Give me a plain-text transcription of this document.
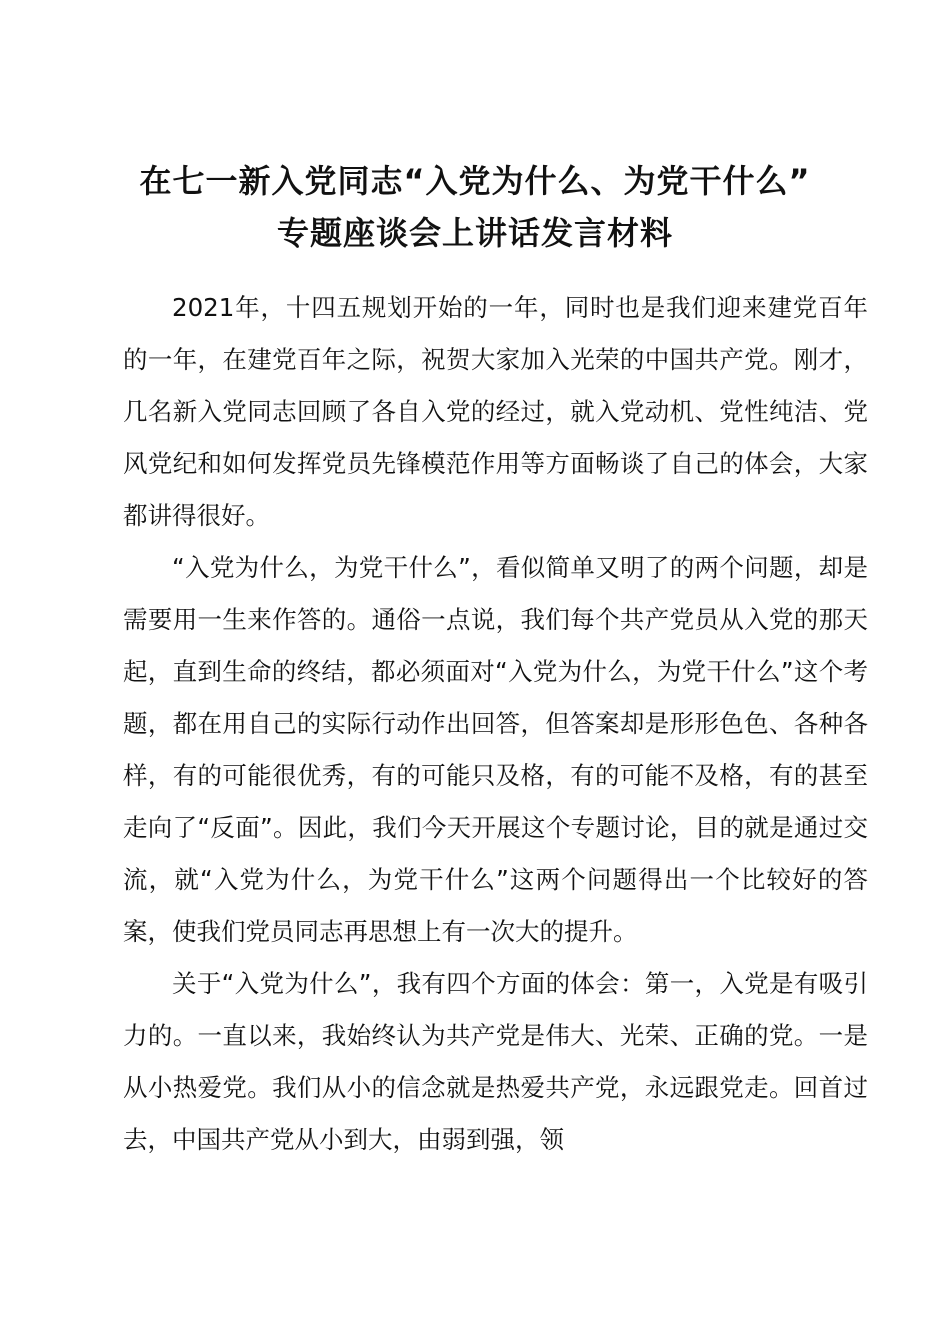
在七一新入党同志“入党为什么、为党干什么”
专题座谈会上讲话发言材料

2021年，十四五规划开始的一年，同时也是我们迎来建党百年的一年，在建党百年之际，祝贺大家加入光荣的中国共产党。刚才，几名新入党同志回顾了各自入党的经过，就入党动机、党性纯洁、党风党纪和如何发挥党员先锋模范作用等方面畅谈了自己的体会，大家都讲得很好。

“入党为什么，为党干什么”，看似简单又明了的两个问题，却是需要用一生来作答的。通俗一点说，我们每个共产党员从入党的那天起，直到生命的终结，都必须面对“入党为什么，为党干什么”这个考题，都在用自己的实际行动作出回答，但答案却是形形色色、各种各样，有的可能很优秀，有的可能只及格，有的可能不及格，有的甚至走向了“反面”。因此，我们今天开展这个专题讨论，目的就是通过交流，就“入党为什么，为党干什么”这两个问题得出一个比较好的答案，使我们党员同志再思想上有一次大的提升。

关于“入党为什么”，我有四个方面的体会：第一，入党是有吸引力的。一直以来，我始终认为共产党是伟大、光荣、正确的党。一是从小热爱党。我们从小的信念就是热爱共产党，永远跟党走。回首过去，中国共产党从小到大，由弱到强，领
